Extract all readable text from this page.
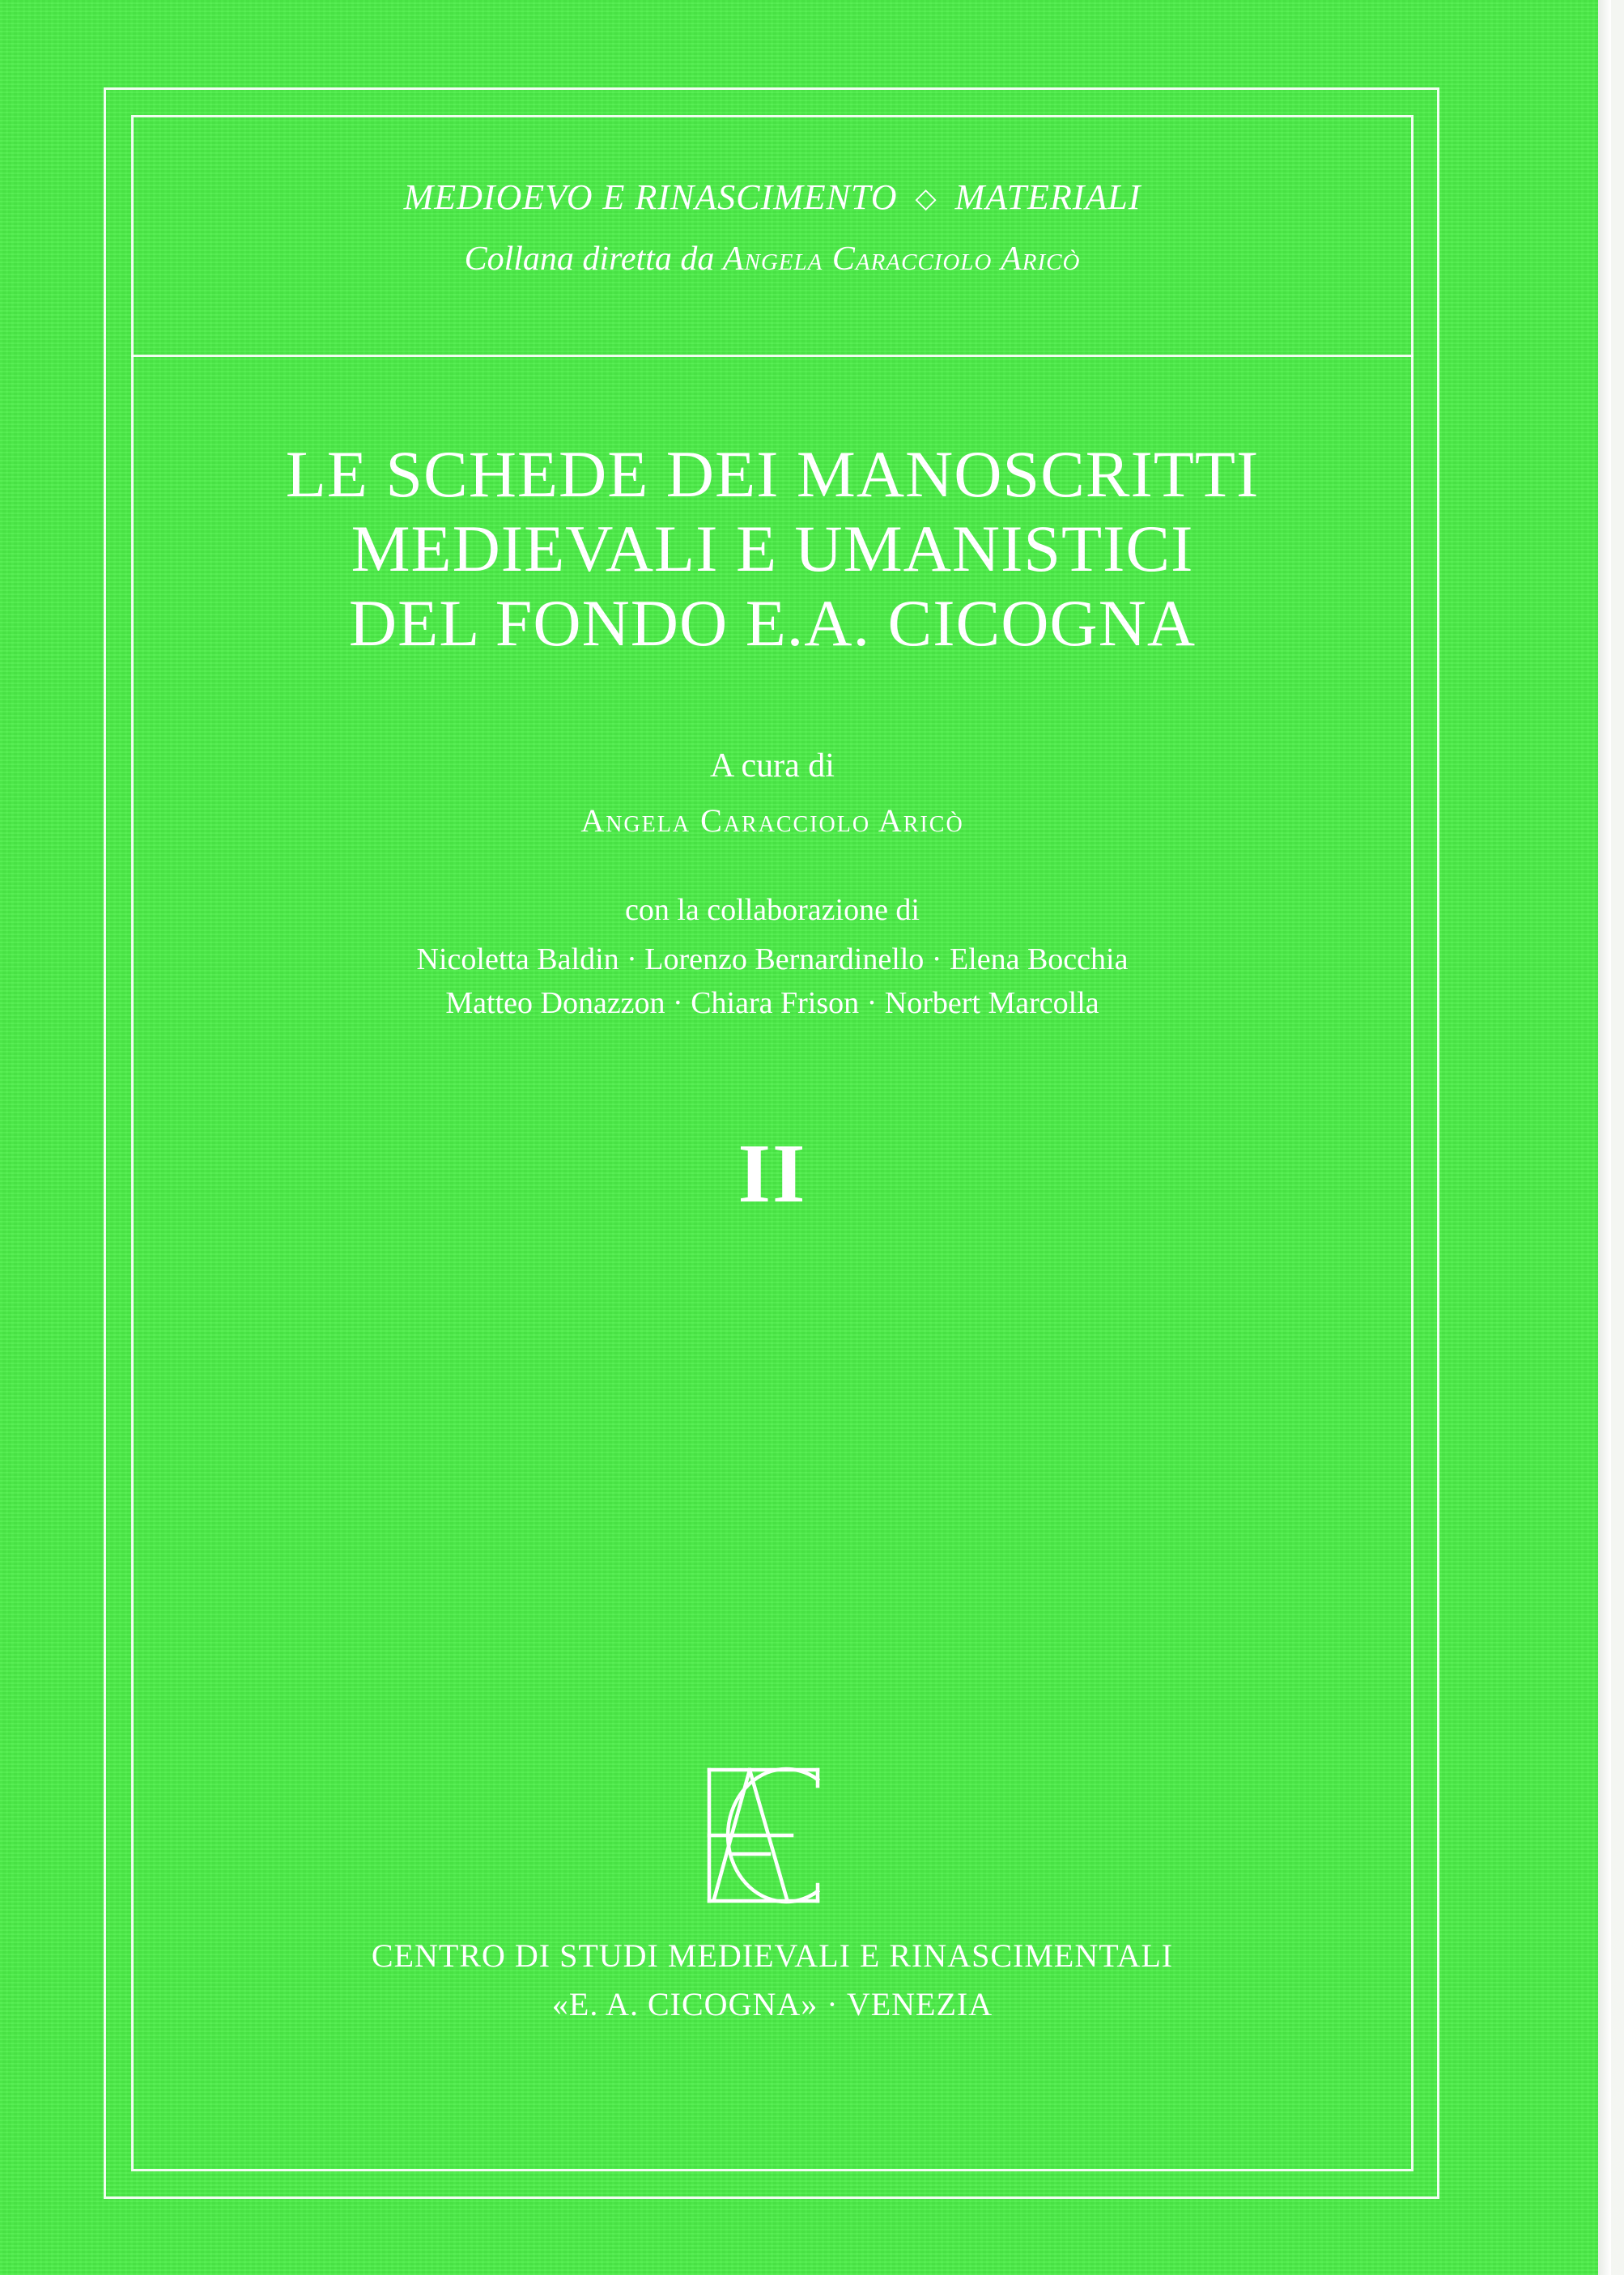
MEDIOEVO E RINASCIMENTO ◇ MATERIALI
Collana diretta da Angela Caracciolo Aricò
LE SCHEDE DEI MANOSCRITTI
MEDIEVALI E UMANISTICI
DEL FONDO E.A. CICOGNA
A cura di
Angela Caracciolo Aricò
con la collaborazione di
Nicoletta Baldin · Lorenzo Bernardinello · Elena Bocchia
Matteo Donazzon · Chiara Frison · Norbert Marcolla
II
CENTRO DI STUDI MEDIEVALI E RINASCIMENTALI
«E. A. CICOGNA» · VENEZIA
